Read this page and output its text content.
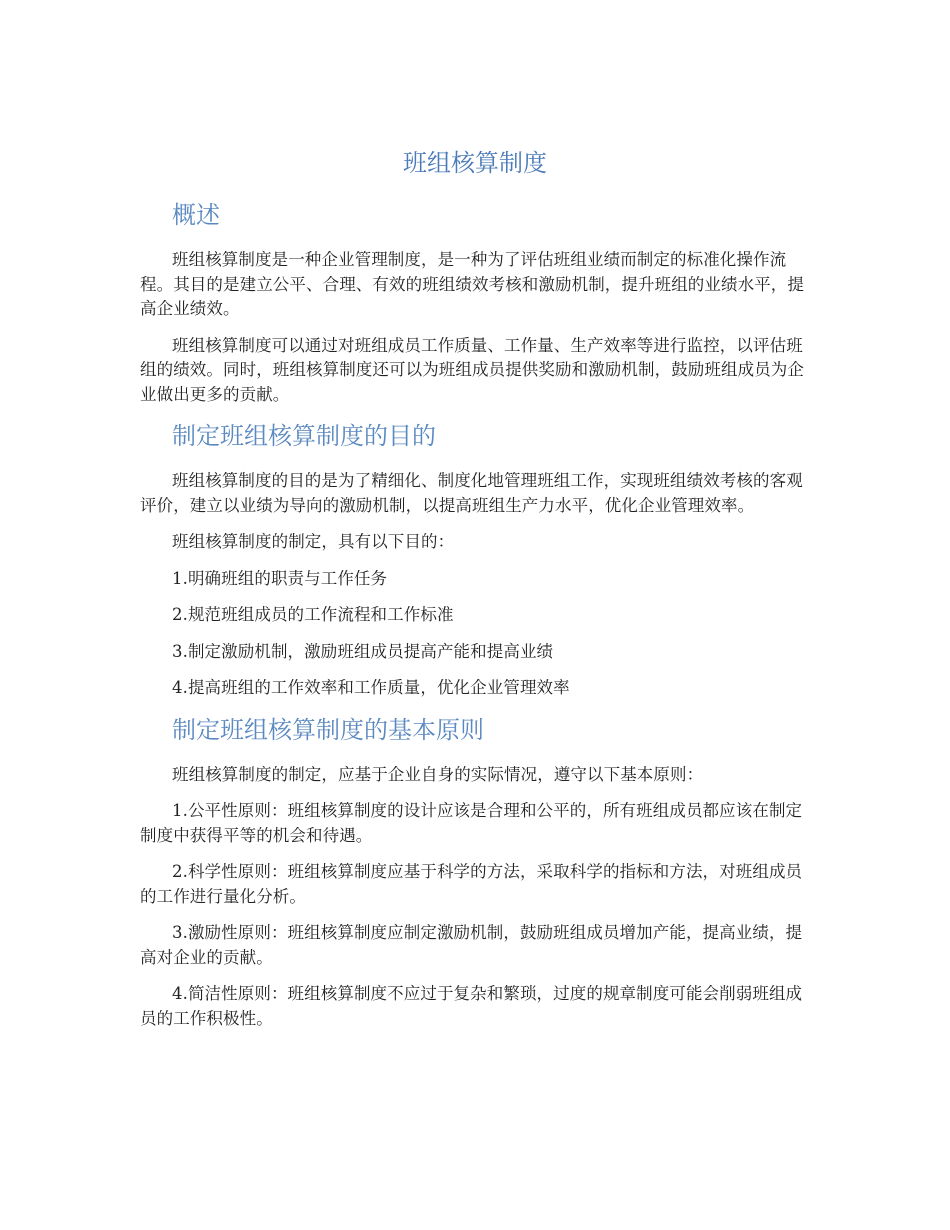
班组核算制度
概述

班组核算制度是一种企业管理制度，是一种为了评估班组业绩而制定的标准化操作流程。其目的是建立公平、合理、有效的班组绩效考核和激励机制，提升班组的业绩水平，提高企业绩效。

班组核算制度可以通过对班组成员工作质量、工作量、生产效率等进行监控，以评估班组的绩效。同时，班组核算制度还可以为班组成员提供奖励和激励机制，鼓励班组成员为企业做出更多的贡献。

制定班组核算制度的目的

班组核算制度的目的是为了精细化、制度化地管理班组工作，实现班组绩效考核的客观评价，建立以业绩为导向的激励机制，以提高班组生产力水平，优化企业管理效率。

班组核算制度的制定，具有以下目的：

1.明确班组的职责与工作任务

2.规范班组成员的工作流程和工作标准

3.制定激励机制，激励班组成员提高产能和提高业绩

4.提高班组的工作效率和工作质量，优化企业管理效率

制定班组核算制度的基本原则

班组核算制度的制定，应基于企业自身的实际情况，遵守以下基本原则：

1.公平性原则：班组核算制度的设计应该是合理和公平的，所有班组成员都应该在制定制度中获得平等的机会和待遇。

2.科学性原则：班组核算制度应基于科学的方法，采取科学的指标和方法，对班组成员的工作进行量化分析。

3.激励性原则：班组核算制度应制定激励机制，鼓励班组成员增加产能，提高业绩，提高对企业的贡献。

4.简洁性原则：班组核算制度不应过于复杂和繁琐，过度的规章制度可能会削弱班组成员的工作积极性。
